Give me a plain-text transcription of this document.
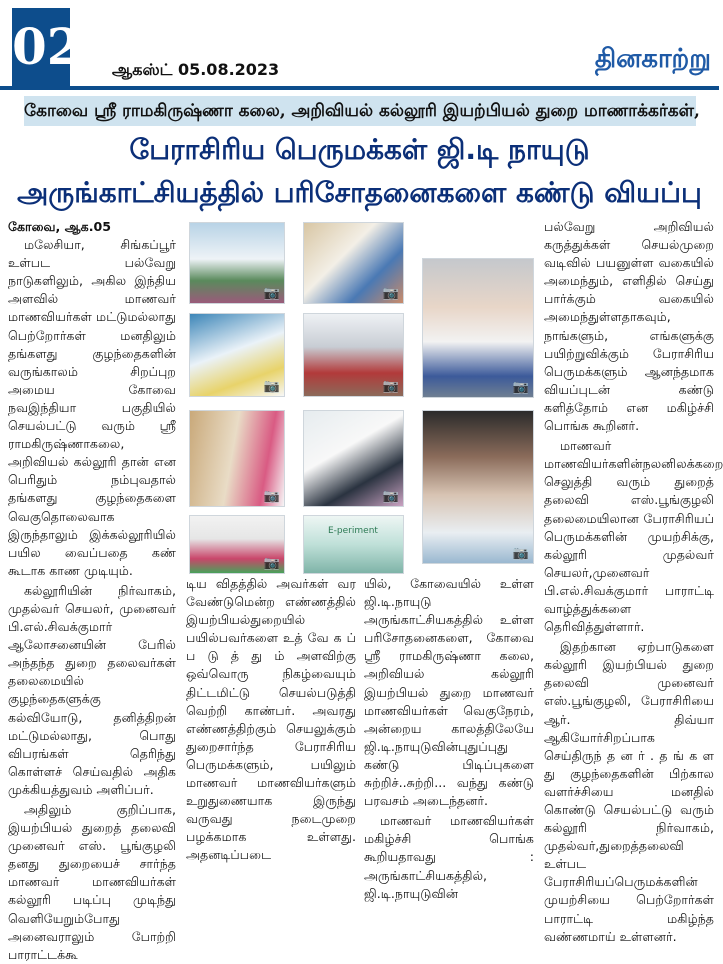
02 ஆகஸ்ட் 05.08.2023	தினகாற்று
கோவை ஸ்ரீ ராமகிருஷ்ணா கலை, அறிவியல் கல்லூரி இயற்பியல் துறை மாணாக்கர்கள்,
பேராசிரிய பெருமக்கள் ஜி.டி நாயுடு
அருங்காட்சியத்தில் பரிசோதனைகளை கண்டு வியப்பு
கோவை, ஆக.05

மலேசியா, சிங்கப்பூர் உள்பட பல்வேறு நாடுகளிலும், அகில இந்திய அளவில் மாணவர் மாணவியர்கள் மட்டுமல்லாது பெற்றோர்கள் மனதிலும் தங்களது குழந்தைகளின் வருங்காலம் சிறப்புற அமைய கோவை நவஇந்தியா பகுதியில் செயல்பட்டு வரும் ஸ்ரீ ராமகிருஷ்ணாகலை, அறிவியல் கல்லூரி தான் என பெரிதும் நம்புவதால் தங்களது குழந்தைகளை வெகுதொலைவாக இருந்தாலும் இக்கல்லூரியில் பயில வைப்பதை கண் கூடாக காண முடியும்.

கல்லூரியின் நிர்வாகம், முதல்வர் செயலர், முனைவர் பி.எல்.சிவக்குமார் ஆலோசனையின் பேரில் அந்தந்த துறை தலைவர்கள் தலைமையில் குழந்தைகளுக்கு கல்வியோடு, தனித்திறன் மட்டுமல்லாது, பொது விபரங்கள் தெரிந்து கொள்ளச் செய்வதில் அதிக முக்கியத்துவம் அளிப்பர்.

அதிலும் குறிப்பாக, இயற்பியல் துறைத் தலைவி முனைவர் எஸ். பூங்குழலி தனது துறையைச் சார்ந்த மாணவர் மாணவியர்கள் கல்லூரி படிப்பு முடிந்து வெளியேறும்போது அனைவராலும் போற்றி பாராட்டக்கூ

📷	📷
📷	📷
📷	📷
📷
E-periment
📷
📷

டிய விதத்தில் அவர்கள் வர வேண்டுமென்ற எண்ணத்தில் இயற்பியல்துறையில் பயில்பவர்களை உத் வே க ப் ப டு த் து ம் அளவிற்கு ஒவ்வொரு நிகழ்வையும் திட்டமிட்டு செயல்படுத்தி வெற்றி காண்பர். அவரது எண்ணத்திற்கும் செயலுக்கும் துறைசார்ந்த பேராசிரிய பெருமக்களும், பயிலும் மாணவர் மாணவியர்களும் உறுதுணையாக இருந்து வருவது நடைமுறை பழக்கமாக உள்ளது. அதனடிப்படை

யில், கோவையில் உள்ள ஜி.டி.நாயுடு அருங்காட்சியகத்தில் உள்ள பரிசோதனைகளை, கோவை ஸ்ரீ ராமகிருஷ்ணா கலை, அறிவியல் கல்லூரி இயற்பியல் துறை மாணவர் மாணவியர்கள் வெகுநேரம், அன்றைய காலத்திலேயே ஜி.டி.நாயுடுவின்புதுப்புது கண்டு பிடிப்புகளை சுற்றிச்..சுற்றி... வந்து கண்டு பரவசம் அடைந்தனர்.

மாணவர் மாணவியர்கள் மகிழ்ச்சி பொங்க கூறியதாவது : அருங்காட்சியகத்தில், ஜி.டி.நாயுடுவின்

பல்வேறு அறிவியல் கருத்துக்கள் செயல்முறை வடிவில் பயனுள்ள வகையில் அமைந்தும், எளிதில் செய்து பார்க்கும் வகையில் அமைந்துள்ளதாகவும், நாங்களும், எங்களுக்கு பயிற்றுவிக்கும் பேராசிரிய பெருமக்களும் ஆனந்தமாக வியப்புடன் கண்டு களித்தோம் என மகிழ்ச்சி பொங்க கூறினர்.

மாணவர் மாணவியர்களின்நலனிலக்கறை செலுத்தி வரும் துறைத் தலைவி எஸ்.பூங்குழலி தலைமையிலான பேராசிரியப் பெருமக்களின் முயற்சிக்கு, கல்லூரி முதல்வர் செயலர்,முனைவர் பி.எல்.சிவக்குமார் பாராட்டி வாழ்த்துக்களை தெரிவித்துள்ளார்.

இதற்கான ஏற்பாடுகளை கல்லூரி இயற்பியல் துறை தலைவி முனைவர் எஸ்.பூங்குழலி, பேராசிரியை ஆர். திவ்யா ஆகியோர்சிறப்பாக செய்திருந் த ன ர் . த ங் க ள து குழந்தைகளின் பிற்கால வளர்ச்சியை மனதில் கொண்டு செயல்பட்டு வரும் கல்லூரி நிர்வாகம், முதல்வர்,துறைத்தலைவி உள்பட பேராசிரியப்பெருமக்களின் முயற்சியை பெற்றோர்கள் பாராட்டி மகிழ்ந்த வண்ணமாய் உள்ளனர்.
